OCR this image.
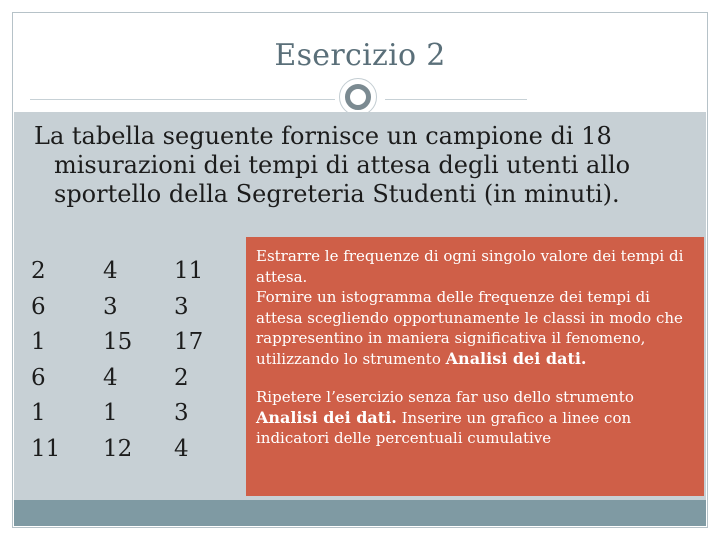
Esercizio 2
La tabella seguente fornisce un campione di 18
misurazioni dei tempi di attesa degli utenti allo
sportello della Segreteria Studenti (in minuti).
2
6
1
6
1
11
4
3
15
4
1
12
11
3
17
2
3
4

Estrarre le frequenze di ogni singolo valore dei tempi di attesa.
Fornire un istogramma delle frequenze dei tempi di attesa scegliendo opportunamente le classi in modo che rappresentino in maniera significativa il fenomeno, utilizzando lo strumento Analisi dei dati.

Ripetere l’esercizio senza far uso dello strumento Analisi dei dati. Inserire un grafico a linee con indicatori delle percentuali cumulative
